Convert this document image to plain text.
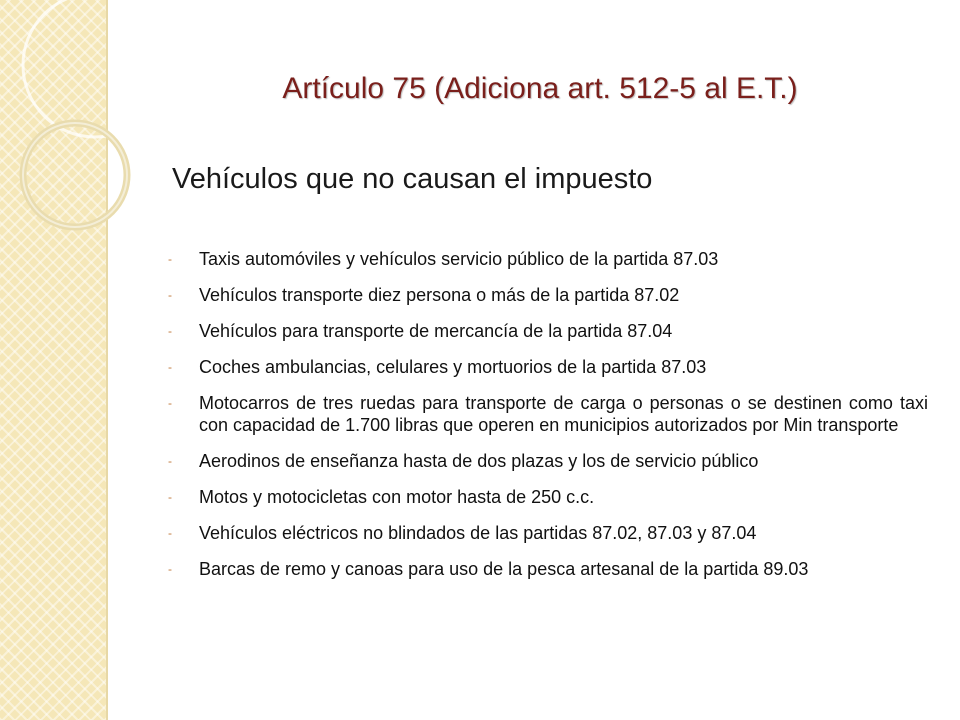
Artículo 75 (Adiciona art. 512-5 al E.T.)
Vehículos que no causan el impuesto
- Taxis automóviles y vehículos servicio público de la partida 87.03
- Vehículos transporte diez persona o más de la partida 87.02
- Vehículos para transporte de mercancía de la partida 87.04
- Coches ambulancias, celulares y mortuorios de la partida 87.03
- Motocarros de tres ruedas para transporte de carga o personas o se destinen como taxi con capacidad de 1.700 libras que operen en municipios autorizados por Min transporte
- Aerodinos de enseñanza hasta de dos plazas y los de servicio público
- Motos y motocicletas con motor hasta de 250 c.c.
- Vehículos eléctricos no blindados de las partidas 87.02, 87.03 y 87.04
- Barcas de remo y canoas para uso de la pesca artesanal de la partida 89.03
